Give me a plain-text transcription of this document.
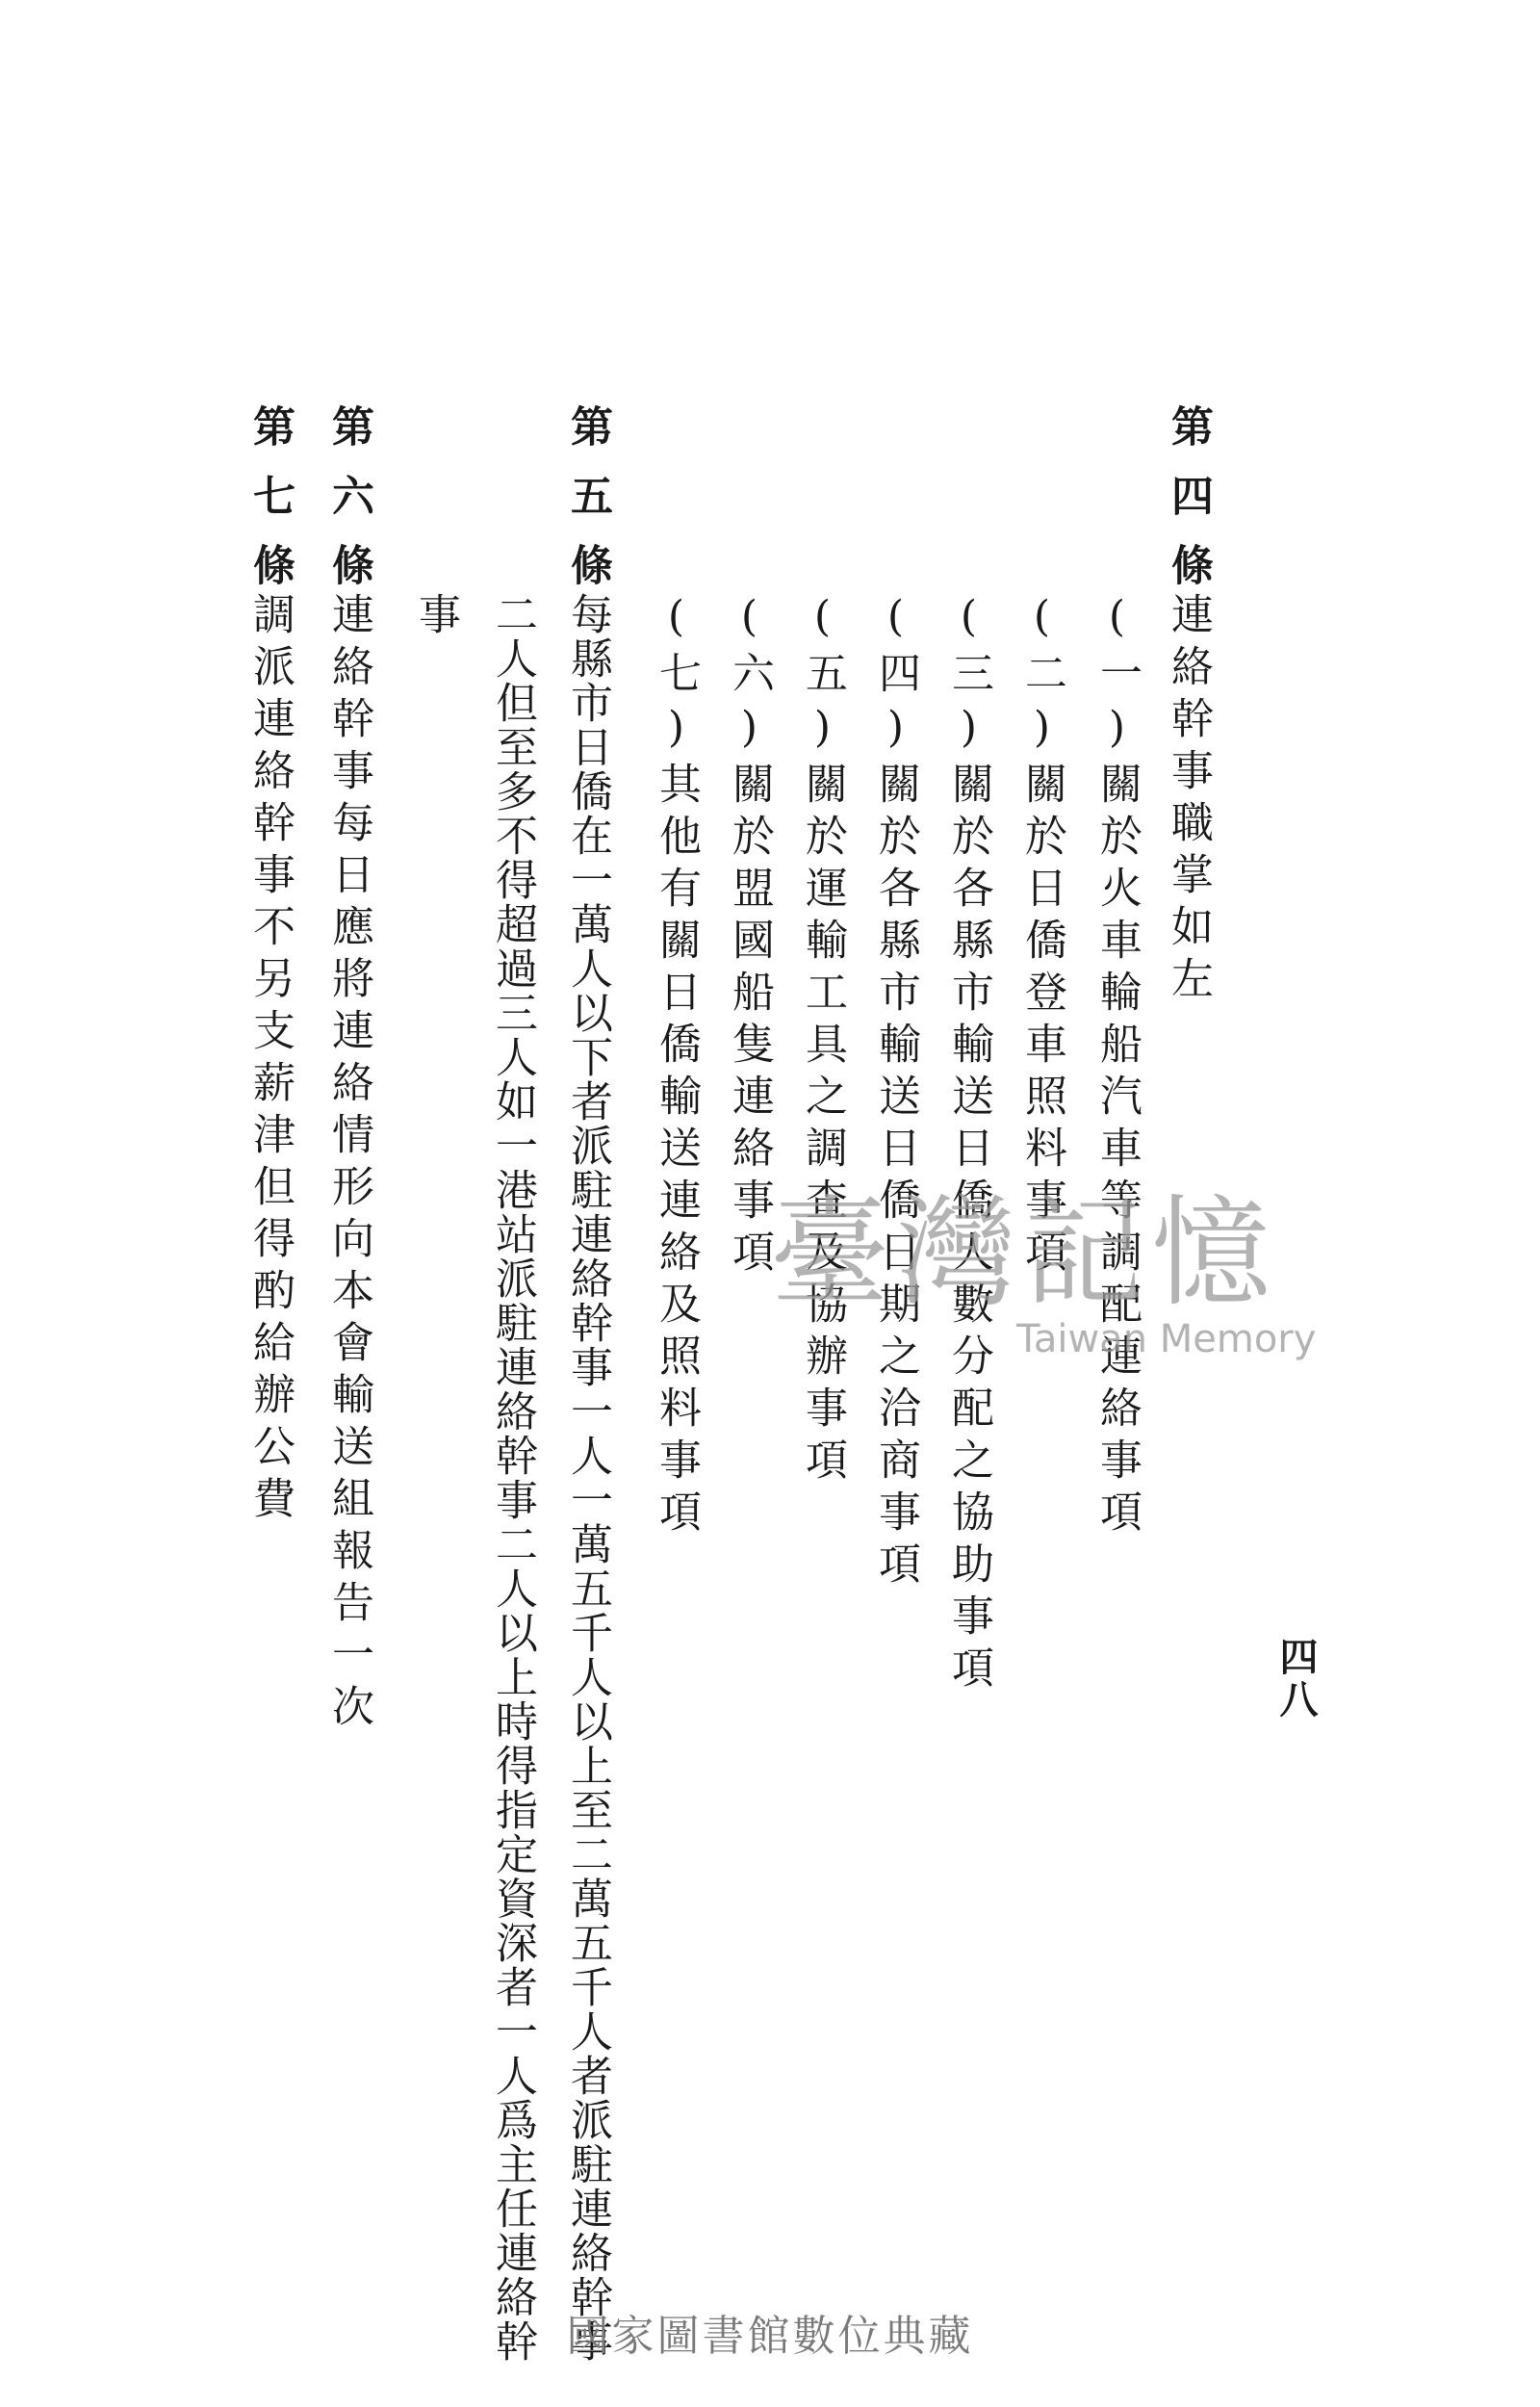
第四條
連絡幹事職掌如左
(一)關於火車輪船汽車等調配連絡事項
(二)關於日僑登車照料事項
(三)關於各縣市輸送日僑人數分配之協助事項
(四)關於各縣市輸送日僑日期之洽商事項
(五)關於運輸工具之調查及協辦事項
(六)關於盟國船隻連絡事項
(七)其他有關日僑輸送連絡及照料事項
第五條
每縣市日僑在一萬人以下者派駐連絡幹事一人一萬五千人以上至二萬五千人者派駐連絡幹事
二人但至多不得超過三人如一港站派駐連絡幹事二人以上時得指定資深者一人爲主任連絡幹
事
第六條
連絡幹事每日應將連絡情形向本會輸送組報告一次
第七條
調派連絡幹事不另支薪津但得酌給辦公費
四八
臺灣記憶
Taiwan Memory
國家圖書館數位典藏
